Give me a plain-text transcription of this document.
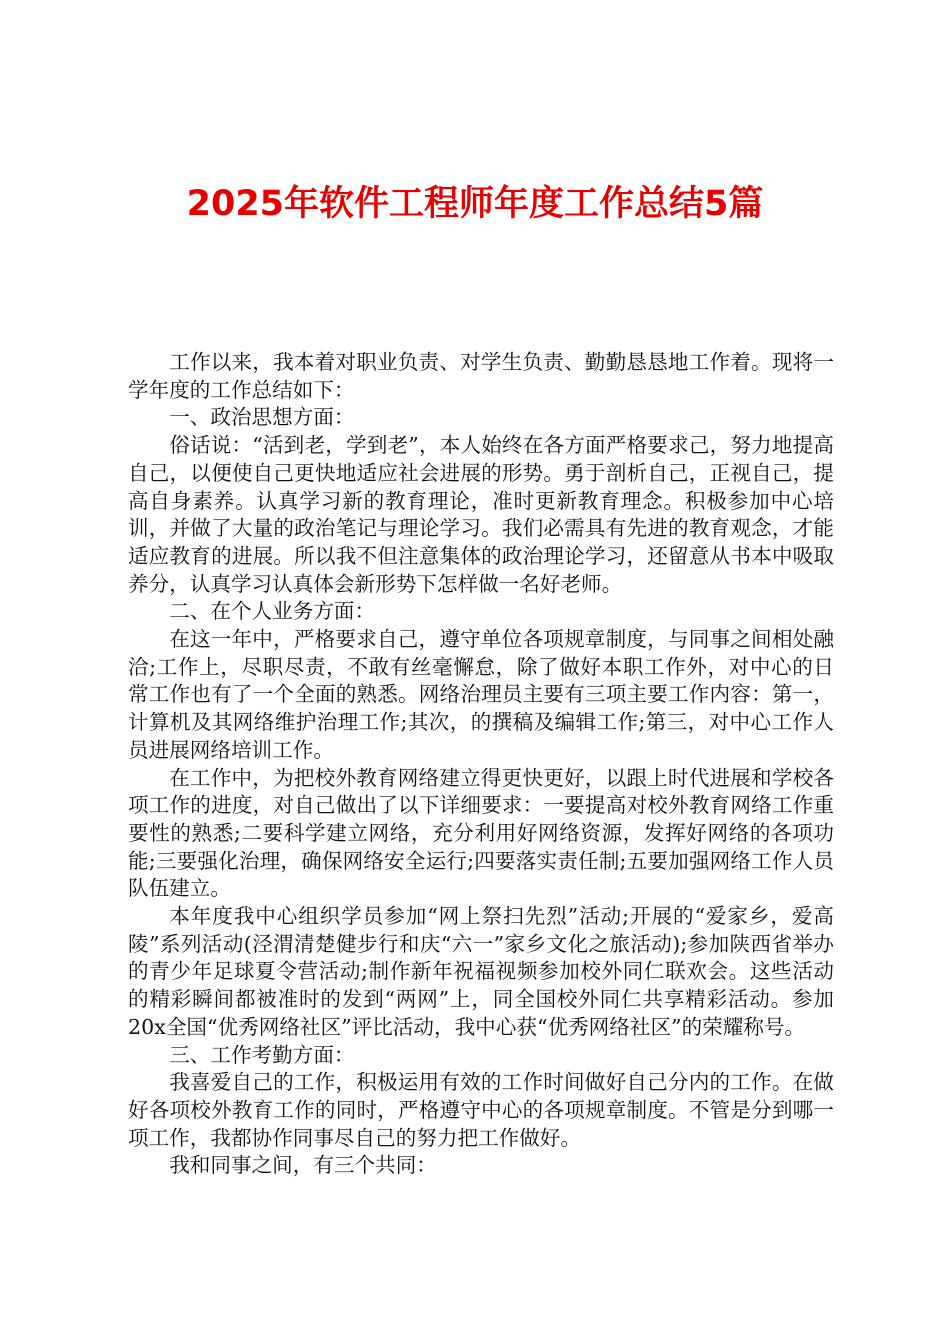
2025年软件工程师年度工作总结5篇

工作以来，我本着对职业负责、对学生负责、勤勤恳恳地工作着。现将一学年度的工作总结如下：

一、政治思想方面：

俗话说：“活到老，学到老”，本人始终在各方面严格要求己，努力地提高自己，以便使自己更快地适应社会进展的形势。勇于剖析自己，正视自己，提高自身素养。认真学习新的教育理论，准时更新教育理念。积极参加中心培训，并做了大量的政治笔记与理论学习。我们必需具有先进的教育观念，才能适应教育的进展。所以我不但注意集体的政治理论学习，还留意从书本中吸取养分，认真学习认真体会新形势下怎样做一名好老师。

二、在个人业务方面：

在这一年中，严格要求自己，遵守单位各项规章制度，与同事之间相处融洽;工作上，尽职尽责，不敢有丝毫懈怠，除了做好本职工作外，对中心的日常工作也有了一个全面的熟悉。网络治理员主要有三项主要工作内容：第一，计算机及其网络维护治理工作;其次，的撰稿及编辑工作;第三，对中心工作人员进展网络培训工作。

在工作中，为把校外教育网络建立得更快更好，以跟上时代进展和学校各项工作的进度，对自己做出了以下详细要求：一要提高对校外教育网络工作重要性的熟悉;二要科学建立网络，充分利用好网络资源，发挥好网络的各项功能;三要强化治理，确保网络安全运行;四要落实责任制;五要加强网络工作人员队伍建立。

本年度我中心组织学员参加“网上祭扫先烈”活动;开展的“爱家乡，爱高陵”系列活动(泾渭清楚健步行和庆“六一”家乡文化之旅活动);参加陕西省举办的青少年足球夏令营活动;制作新年祝福视频参加校外同仁联欢会。这些活动的精彩瞬间都被准时的发到“两网”上，同全国校外同仁共享精彩活动。参加20x全国“优秀网络社区”评比活动，我中心获“优秀网络社区”的荣耀称号。

三、工作考勤方面：

我喜爱自己的工作，积极运用有效的工作时间做好自己分内的工作。在做好各项校外教育工作的同时，严格遵守中心的各项规章制度。不管是分到哪一项工作，我都协作同事尽自己的努力把工作做好。

我和同事之间，有三个共同：
